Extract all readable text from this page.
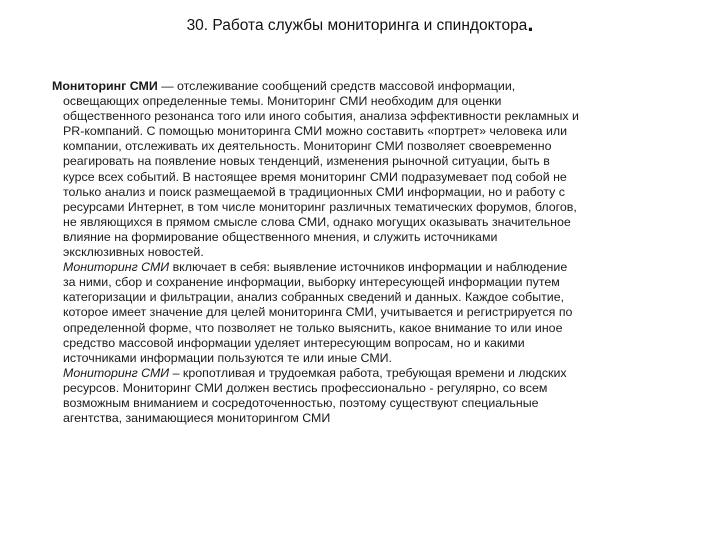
30. Работа службы мониторинга и спиндоктора.
Мониторинг СМИ — отслеживание сообщений средств массовой информации,
освещающих определенные темы. Мониторинг СМИ необходим для оценки
общественного резонанса того или иного события, анализа эффективности рекламных и
PR-компаний. С помощью мониторинга СМИ можно составить «портрет» человека или
компании, отслеживать их деятельность. Мониторинг СМИ позволяет своевременно
реагировать на появление новых тенденций, изменения рыночной ситуации, быть в
курсе всех событий. В настоящее время мониторинг СМИ подразумевает под собой не
только анализ и поиск размещаемой в традиционных СМИ информации, но и работу с
ресурсами Интернет, в том числе мониторинг различных тематических форумов, блогов,
не являющихся в прямом смысле слова СМИ, однако могущих оказывать значительное
влияние на формирование общественного мнения, и служить источниками
эксклюзивных новостей.
Мониторинг СМИ включает в себя: выявление источников информации и наблюдение
за ними, сбор и сохранение информации, выборку интересующей информации путем
категоризации и фильтрации, анализ собранных сведений и данных. Каждое событие,
которое имеет значение для целей мониторинга СМИ, учитывается и регистрируется по
определенной форме, что позволяет не только выяснить, какое внимание то или иное
средство массовой информации уделяет интересующим вопросам, но и какими
источниками информации пользуются те или иные СМИ.
Мониторинг СМИ – кропотливая и трудоемкая работа, требующая времени и людских
ресурсов. Мониторинг СМИ должен вестись профессионально - регулярно, со всем
возможным вниманием и сосредоточенностью, поэтому существуют специальные
агентства, занимающиеся мониторингом СМИ
